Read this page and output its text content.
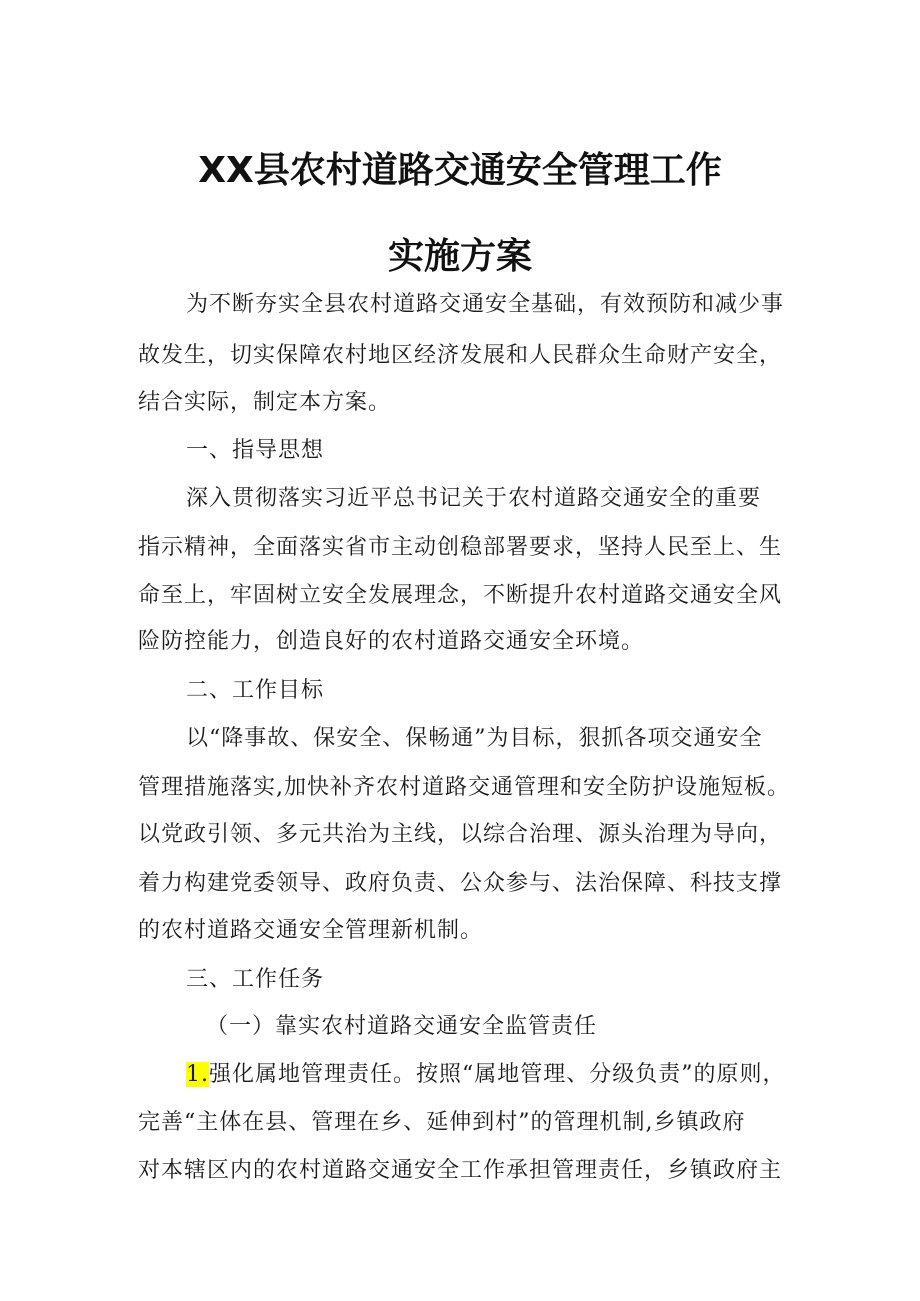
XX县农村道路交通安全管理工作
实施方案
为不断夯实全县农村道路交通安全基础，有效预防和减少事
故发生，切实保障农村地区经济发展和人民群众生命财产安全，
结合实际，制定本方案。
一、指导思想
深入贯彻落实习近平总书记关于农村道路交通安全的重要
指示精神，全面落实省市主动创稳部署要求，坚持人民至上、生
命至上，牢固树立安全发展理念，不断提升农村道路交通安全风
险防控能力，创造良好的农村道路交通安全环境。
二、工作目标
以“降事故、保安全、保畅通”为目标，狠抓各项交通安全
管理措施落实,加快补齐农村道路交通管理和安全防护设施短板。
以党政引领、多元共治为主线，以综合治理、源头治理为导向，
着力构建党委领导、政府负责、公众参与、法治保障、科技支撑
的农村道路交通安全管理新机制。
三、工作任务
（一）靠实农村道路交通安全监管责任
1.强化属地管理责任。按照“属地管理、分级负责”的原则，
完善“主体在县、管理在乡、延伸到村”的管理机制,乡镇政府
对本辖区内的农村道路交通安全工作承担管理责任，乡镇政府主
